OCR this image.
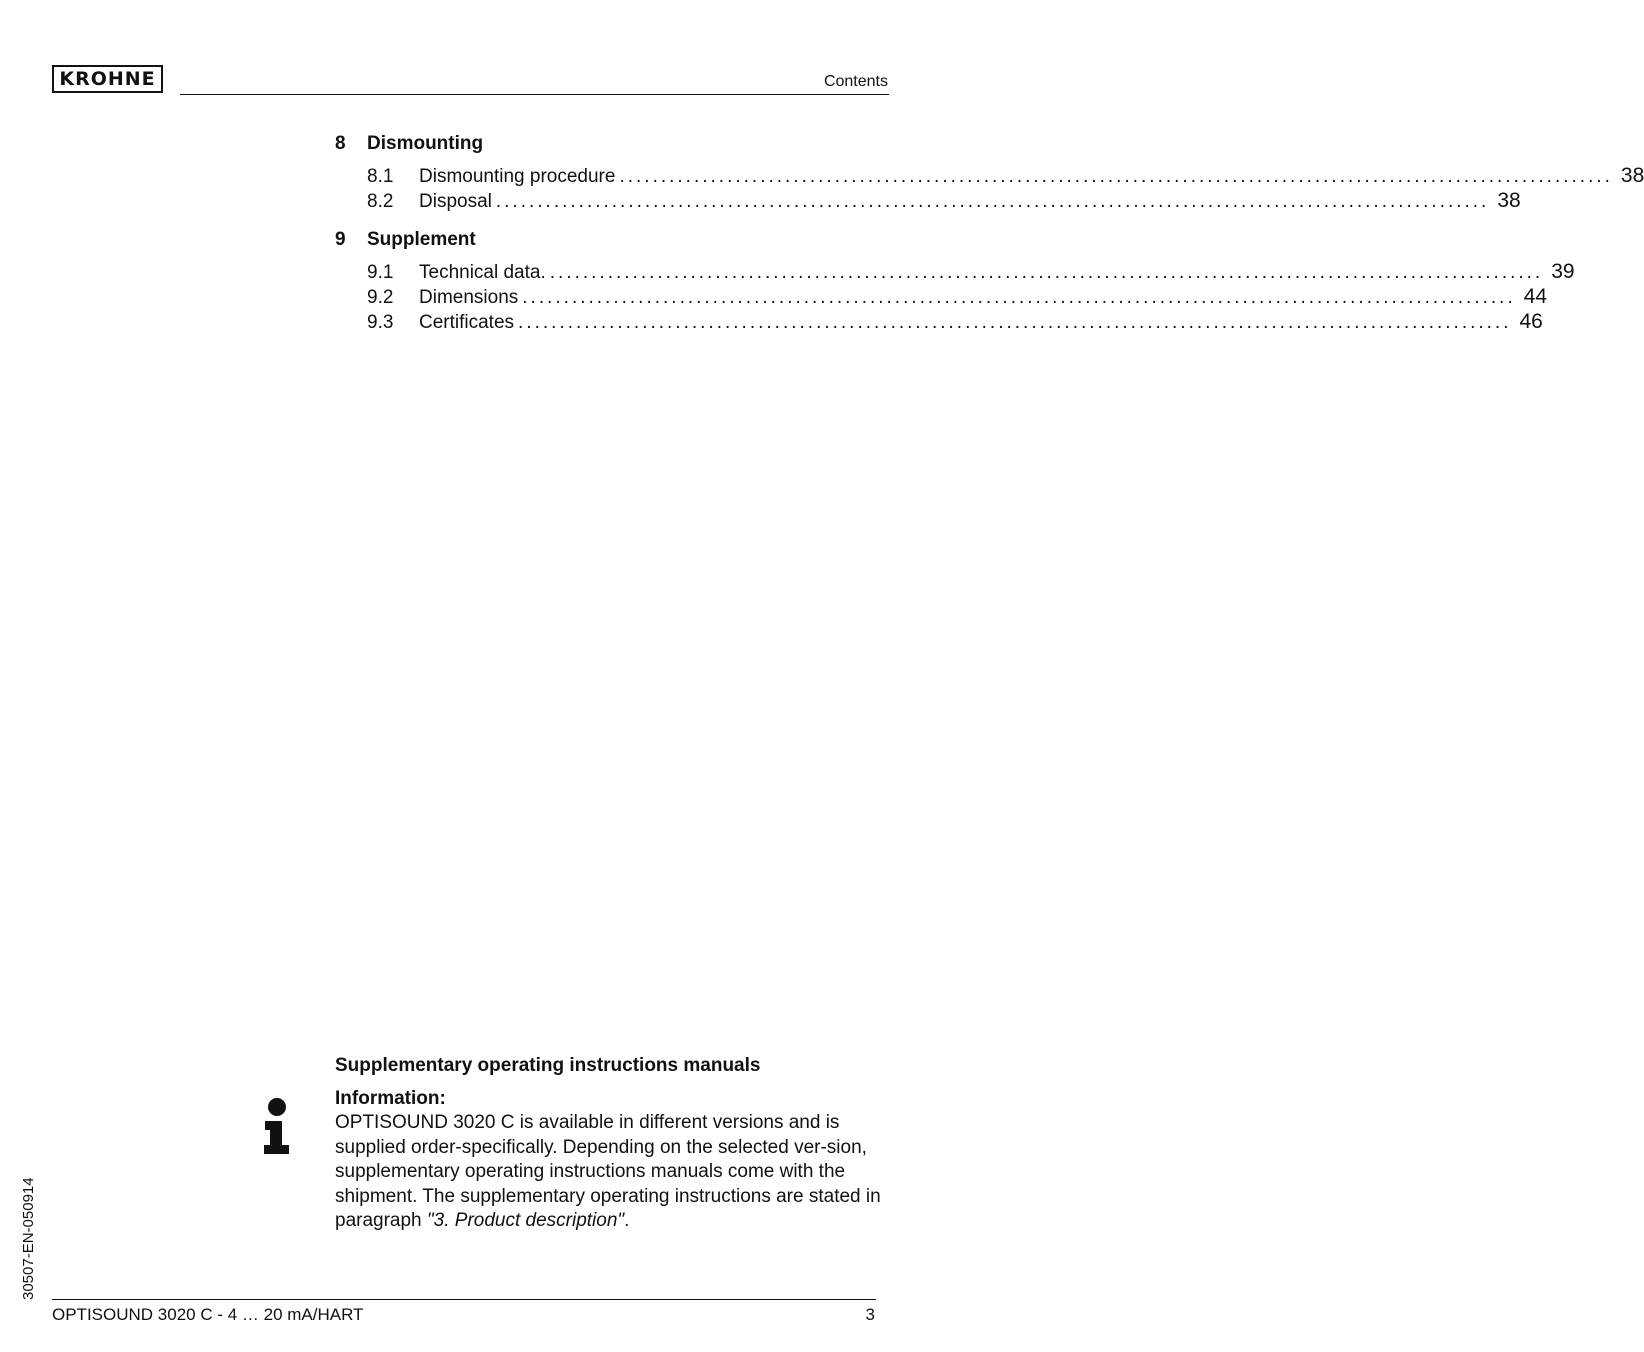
KROHNE	Contents
8	Dismounting
8.1	Dismounting procedure ........................................................................................................................ 38
8.2	Disposal ........................................................................................................................ 38
9	Supplement
9.1	Technical data. ........................................................................................................................ 39
9.2	Dimensions ........................................................................................................................ 44
9.3	Certificates ........................................................................................................................ 46
Supplementary operating instructions manuals
Information:
OPTISOUND 3020 C is available in different versions and is supplied order-specifically. Depending on the selected ver-sion, supplementary operating instructions manuals come with the shipment. The supplementary operating instructions are stated in paragraph "3. Product description".
30507-EN-050914
OPTISOUND 3020 C - 4 … 20 mA/HART	3
